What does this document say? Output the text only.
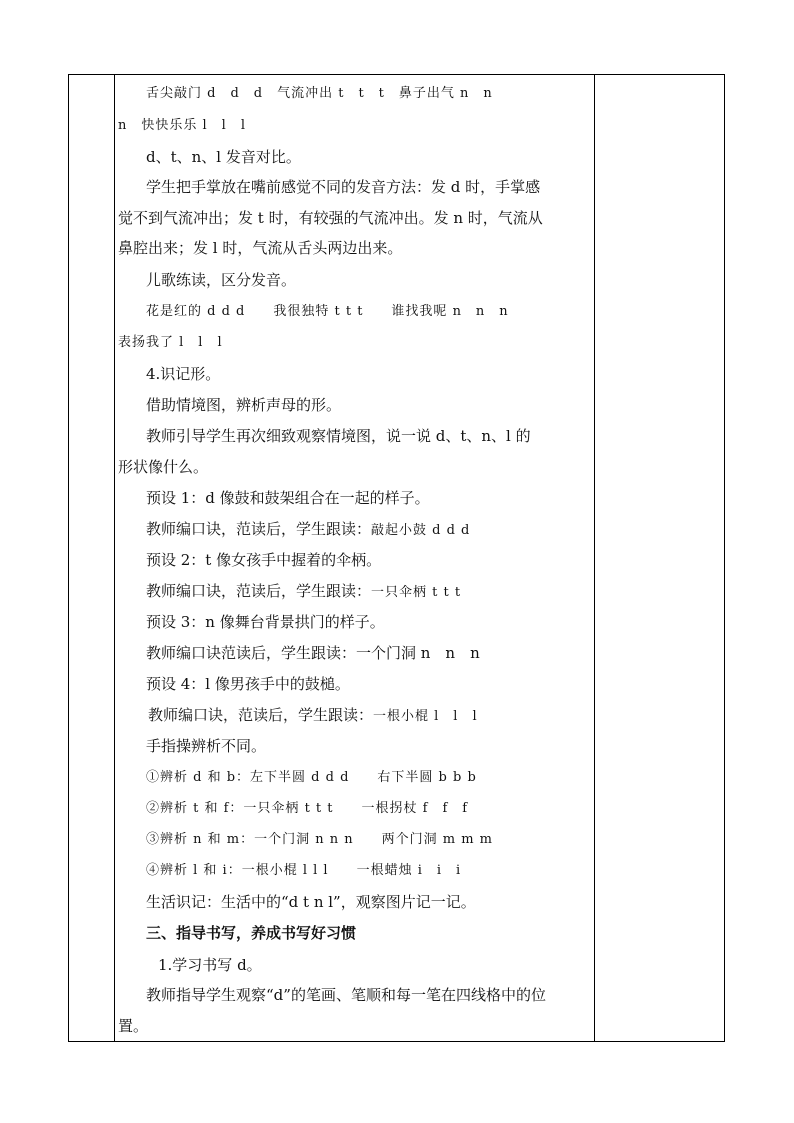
舌尖敲门 d　d　d　气流冲出 t　t　t　鼻子出气 n　n
n　快快乐乐 l　l　l
d、t、n、l 发音对比。
学生把手掌放在嘴前感觉不同的发音方法：发 d 时，手掌感
觉不到气流冲出；发 t 时，有较强的气流冲出。发 n 时，气流从
鼻腔出来；发 l 时，气流从舌头两边出来。
儿歌练读，区分发音。
花是红的 d d d　　我很独特 t t t　　谁找我呢 n　n　n
表扬我了 l　l　l
4.识记形。
借助情境图，辨析声母的形。
教师引导学生再次细致观察情境图，说一说 d、t、n、l 的
形状像什么。
预设 1：d 像鼓和鼓架组合在一起的样子。
教师编口诀，范读后，学生跟读：敲起小鼓 d d d
预设 2：t 像女孩手中握着的伞柄。
教师编口诀，范读后，学生跟读：一只伞柄 t t t
预设 3：n 像舞台背景拱门的样子。
教师编口诀范读后，学生跟读：一个门洞 n　n　n
预设 4：l 像男孩手中的鼓槌。
教师编口诀，范读后，学生跟读：一根小棍 l　l　l
手指操辨析不同。
①辨析 d 和 b：左下半圆 d d d　　右下半圆 b b b
②辨析 t 和 f：一只伞柄 t t t　　一根拐杖 f　f　f
③辨析 n 和 m：一个门洞 n n n　　两个门洞 m m m
④辨析 l 和 i：一根小棍 l l l　　一根蜡烛 i　i　i
生活识记：生活中的“d t n l”，观察图片记一记。
三、指导书写，养成书写好习惯
1.学习书写 d。
教师指导学生观察“d”的笔画、笔顺和每一笔在四线格中的位
置。
